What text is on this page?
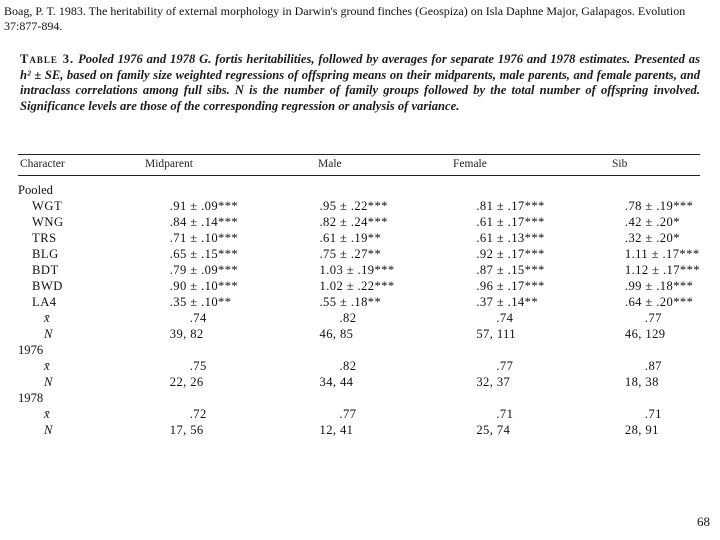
Boag, P. T. 1983. The heritability of external morphology in Darwin's ground finches (Geospiza) on Isla Daphne Major, Galapagos. Evolution 37:877-894.
Table 3. Pooled 1976 and 1978 G. fortis heritabilities, followed by averages for separate 1976 and 1978 estimates. Presented as h² ± SE, based on family size weighted regressions of offspring means on their midparents, male parents, and female parents, and intraclass correlations among full sibs. N is the number of family groups followed by the total number of offspring involved. Significance levels are those of the corresponding regression or analysis of variance.
Character	Midparent	Male	Female	Sib
Pooled				
WGT	.91 ± .09***	.95 ± .22***	.81 ± .17***	.78 ± .19***
WNG	.84 ± .14***	.82 ± .24***	.61 ± .17***	.42 ± .20*
TRS	.71 ± .10***	.61 ± .19**	.61 ± .13***	.32 ± .20*
BLG	.65 ± .15***	.75 ± .27**	.92 ± .17***	1.11 ± .17***
BDT	.79 ± .09***	1.03 ± .19***	.87 ± .15***	1.12 ± .17***
BWD	.90 ± .10***	1.02 ± .22***	.96 ± .17***	.99 ± .18***
LA4	.35 ± .10**	.55 ± .18**	.37 ± .14**	.64 ± .20***
x̄	.74	.82	.74	.77
N	39, 82	46, 85	57, 111	46, 129
1976				
x̄	.75	.82	.77	.87
N	22, 26	34, 44	32, 37	18, 38
1978				
x̄	.72	.77	.71	.71
N	17, 56	12, 41	25, 74	28, 91
68
